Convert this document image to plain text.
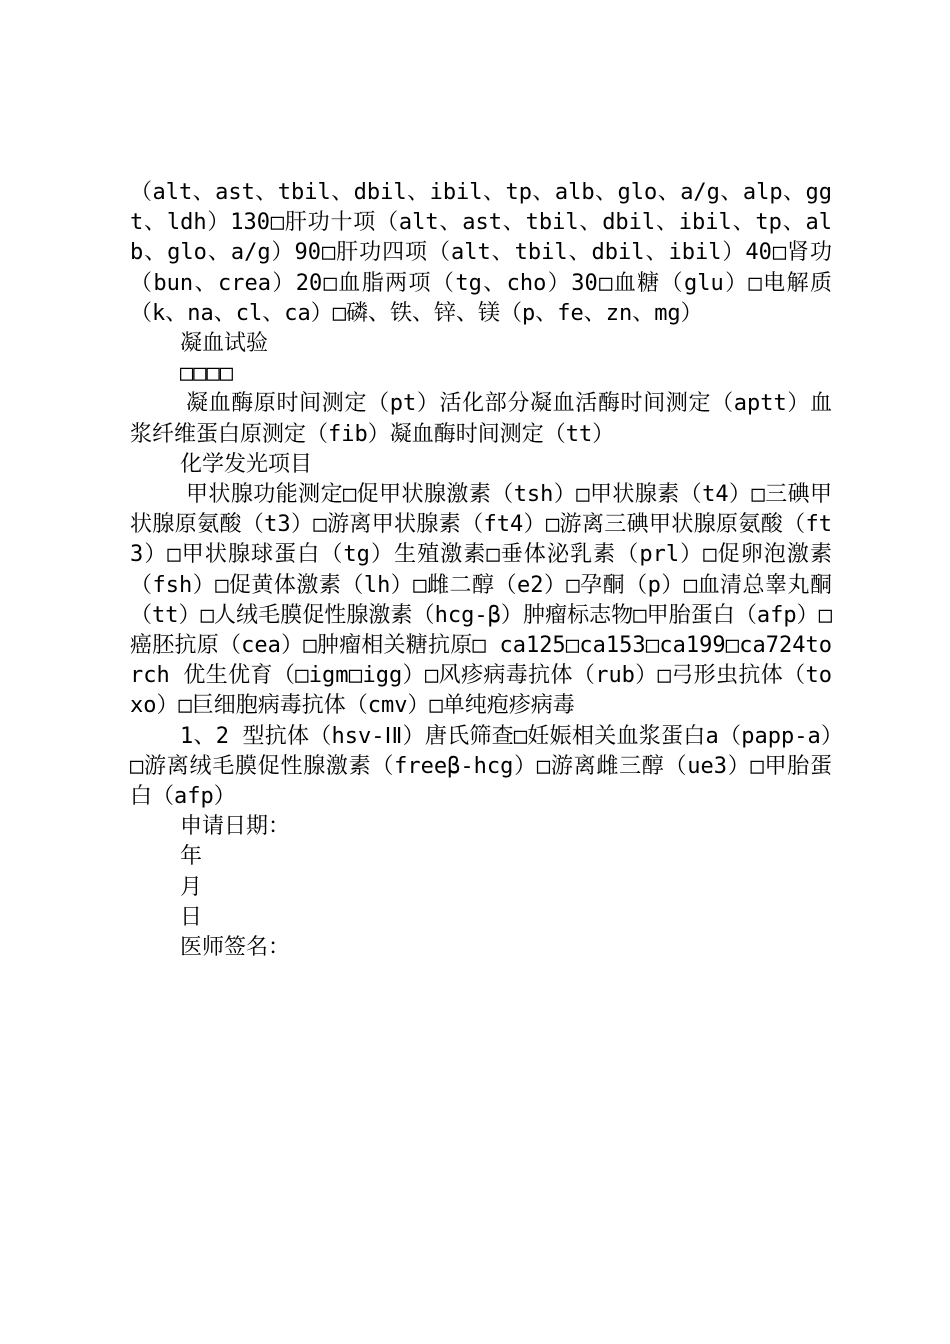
（alt、ast、tbil、dbil、ibil、tp、alb、glo、a/g、alp、ggt、ldh）130□肝功十项（alt、ast、tbil、dbil、ibil、tp、alb、glo、a/g）90□肝功四项（alt、tbil、dbil、ibil）40□肾功（bun、crea）20□血脂两项（tg、cho）30□血糖（glu）□电解质（k、na、cl、ca）□磷、铁、锌、镁（p、fe、zn、mg）

凝血试验

□□□□

凝血酶原时间测定（pt）活化部分凝血活酶时间测定（aptt）血浆纤维蛋白原测定（fib）凝血酶时间测定（tt）

化学发光项目

甲状腺功能测定□促甲状腺激素（tsh）□甲状腺素（t4）□三碘甲状腺原氨酸（t3）□游离甲状腺素（ft4）□游离三碘甲状腺原氨酸（ft3）□甲状腺球蛋白（tg）生殖激素□垂体泌乳素（prl）□促卵泡激素（fsh）□促黄体激素（lh）□雌二醇（e2）□孕酮（p）□血清总睾丸酮（tt）□人绒毛膜促性腺激素（hcg-β）肿瘤标志物□甲胎蛋白（afp）□癌胚抗原（cea）□肿瘤相关糖抗原□ ca125□ca153□ca199□ca724torch 优生优育（□igm□igg）□风疹病毒抗体（rub）□弓形虫抗体（toxo）□巨细胞病毒抗体（cmv）□单纯疱疹病毒

1、2 型抗体（hsv-ⅠⅡ）唐氏筛查□妊娠相关血浆蛋白a（papp-a）□游离绒毛膜促性腺激素（freeβ-hcg）□游离雌三醇（ue3）□甲胎蛋白（afp）

申请日期：

年

月

日

医师签名：
